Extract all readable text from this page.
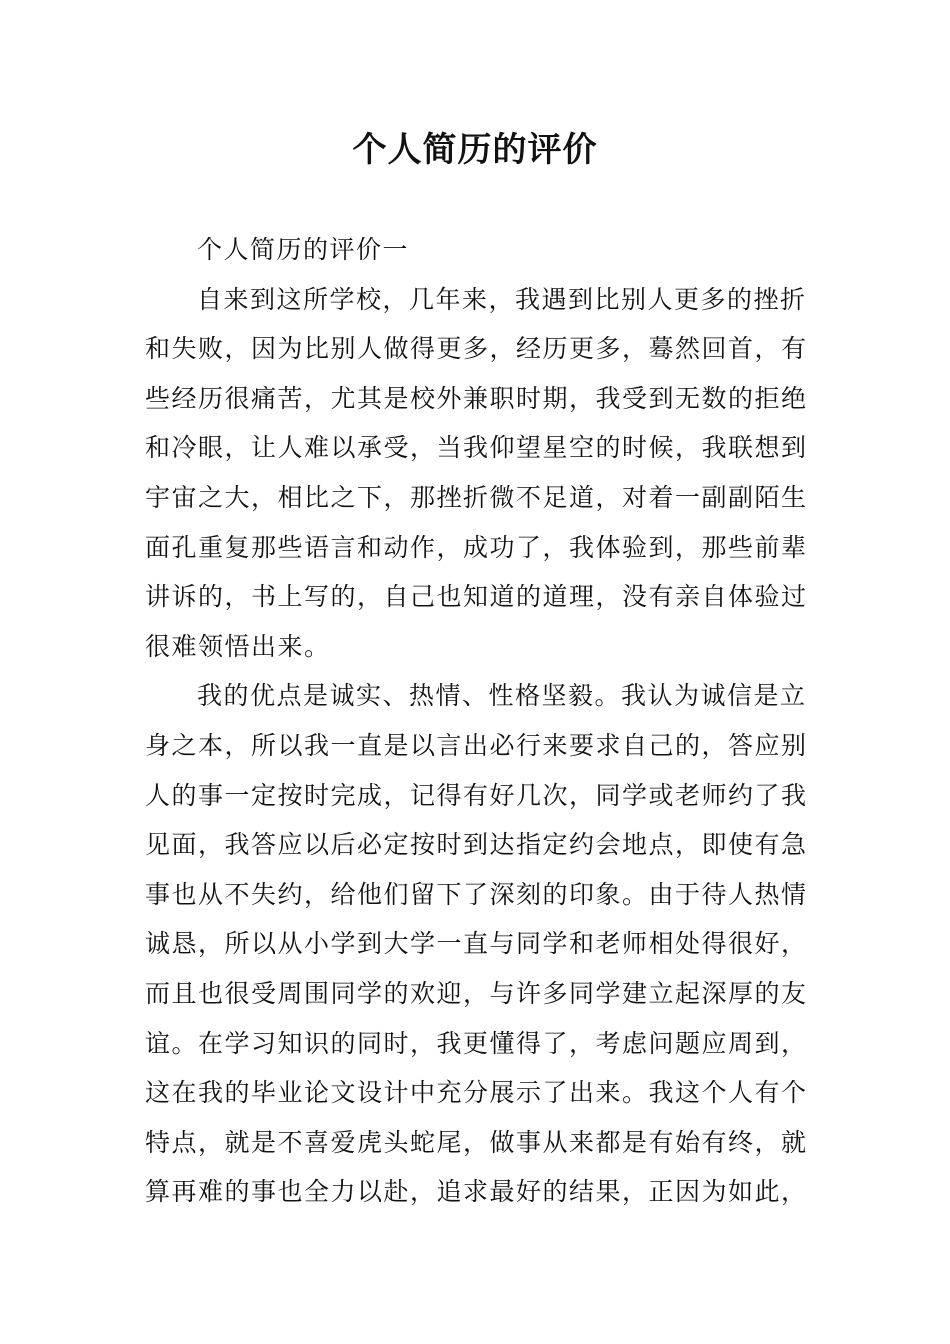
个人简历的评价

个人简历的评价一

自来到这所学校，几年来，我遇到比别人更多的挫折
和失败，因为比别人做得更多，经历更多，蓦然回首，有
些经历很痛苦，尤其是校外兼职时期，我受到无数的拒绝
和冷眼，让人难以承受，当我仰望星空的时候，我联想到
宇宙之大，相比之下，那挫折微不足道，对着一副副陌生
面孔重复那些语言和动作，成功了，我体验到，那些前辈
讲诉的，书上写的，自己也知道的道理，没有亲自体验过
很难领悟出来。

我的优点是诚实、热情、性格坚毅。我认为诚信是立
身之本，所以我一直是以言出必行来要求自己的，答应别
人的事一定按时完成，记得有好几次，同学或老师约了我
见面，我答应以后必定按时到达指定约会地点，即使有急
事也从不失约，给他们留下了深刻的印象。由于待人热情
诚恳，所以从小学到大学一直与同学和老师相处得很好，
而且也很受周围同学的欢迎，与许多同学建立起深厚的友
谊。在学习知识的同时，我更懂得了，考虑问题应周到，
这在我的毕业论文设计中充分展示了出来。我这个人有个
特点，就是不喜爱虎头蛇尾，做事从来都是有始有终，就
算再难的事也全力以赴，追求最好的结果，正因为如此，
